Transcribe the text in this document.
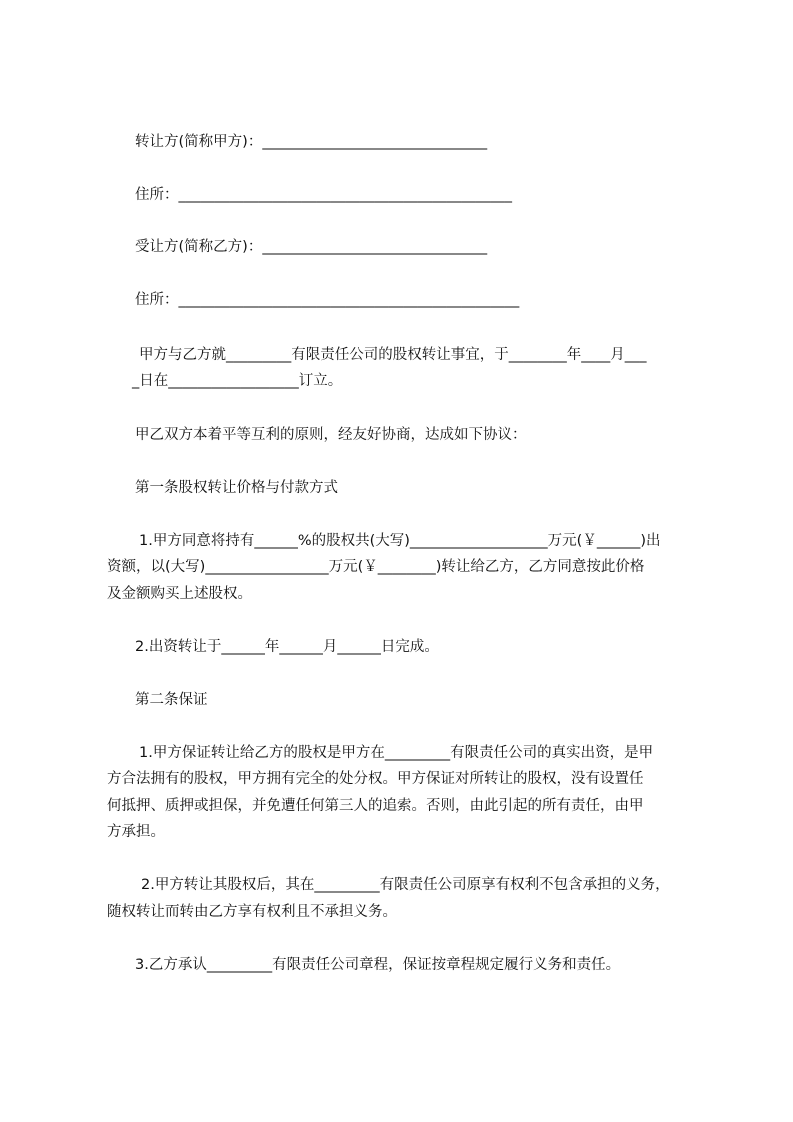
转让方(简称甲方)：_______________________________

住所：______________________________________________

受让方(简称乙方)：_______________________________

住所：_______________________________________________

甲方与乙方就_________有限责任公司的股权转让事宜，于________年____月___

_日在__________________订立。

甲乙双方本着平等互利的原则，经友好协商，达成如下协议：

第一条股权转让价格与付款方式

1.甲方同意将持有______%的股权共(大写)___________________万元(￥______)出

资额，以(大写)_________________万元(￥________)转让给乙方，乙方同意按此价格

及金额购买上述股权。

2.出资转让于______年______月______日完成。

第二条保证

1.甲方保证转让给乙方的股权是甲方在_________有限责任公司的真实出资，是甲

方合法拥有的股权，甲方拥有完全的处分权。甲方保证对所转让的股权，没有设置任

何抵押、质押或担保，并免遭任何第三人的追索。否则，由此引起的所有责任，由甲

方承担。

2.甲方转让其股权后，其在_________有限责任公司原享有权利不包含承担的义务，

随权转让而转由乙方享有权利且不承担义务。

3.乙方承认_________有限责任公司章程，保证按章程规定履行义务和责任。
